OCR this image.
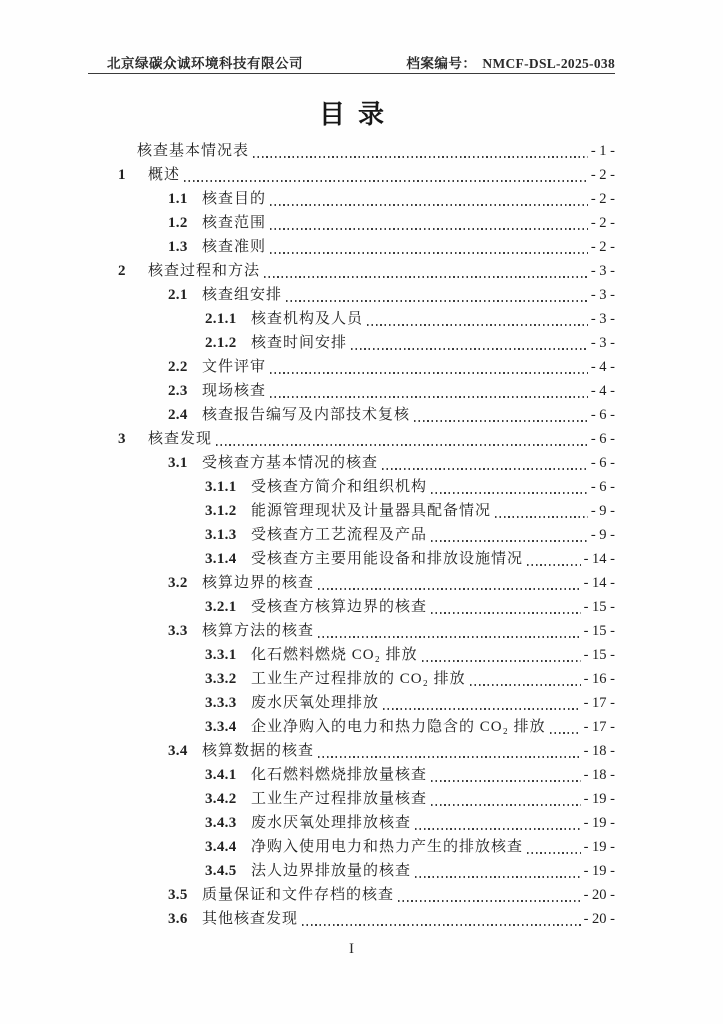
北京绿碳众诚环境科技有限公司	档案编号： NMCF-DSL-2025-038
目录
核查基本情况表	- 1 -
1	概述	- 2 -
1.1 核查目的	- 2 -
1.2 核查范围	- 2 -
1.3 核查准则	- 2 -
2	核查过程和方法	- 3 -
2.1 核查组安排	- 3 -
2.1.1 核查机构及人员	- 3 -
2.1.2 核查时间安排	- 3 -
2.2 文件评审	- 4 -
2.3 现场核查	- 4 -
2.4 核查报告编写及内部技术复核	- 6 -
3	核查发现	- 6 -
3.1 受核查方基本情况的核查	- 6 -
3.1.1 受核查方简介和组织机构	- 6 -
3.1.2 能源管理现状及计量器具配备情况	- 9 -
3.1.3 受核查方工艺流程及产品	- 9 -
3.1.4 受核查方主要用能设备和排放设施情况	- 14 -
3.2 核算边界的核查	- 14 -
3.2.1 受核查方核算边界的核查	- 15 -
3.3 核算方法的核查	- 15 -
3.3.1 化石燃料燃烧 CO₂ 排放	- 15 -
3.3.2 工业生产过程排放的 CO₂ 排放	- 16 -
3.3.3 废水厌氧处理排放	- 17 -
3.3.4 企业净购入的电力和热力隐含的 CO₂ 排放	- 17 -
3.4 核算数据的核查	- 18 -
3.4.1 化石燃料燃烧排放量核查	- 18 -
3.4.2 工业生产过程排放量核查	- 19 -
3.4.3 废水厌氧处理排放核查	- 19 -
3.4.4 净购入使用电力和热力产生的排放核查	- 19 -
3.4.5 法人边界排放量的核查	- 19 -
3.5 质量保证和文件存档的核查	- 20 -
3.6 其他核查发现	- 20 -
I
